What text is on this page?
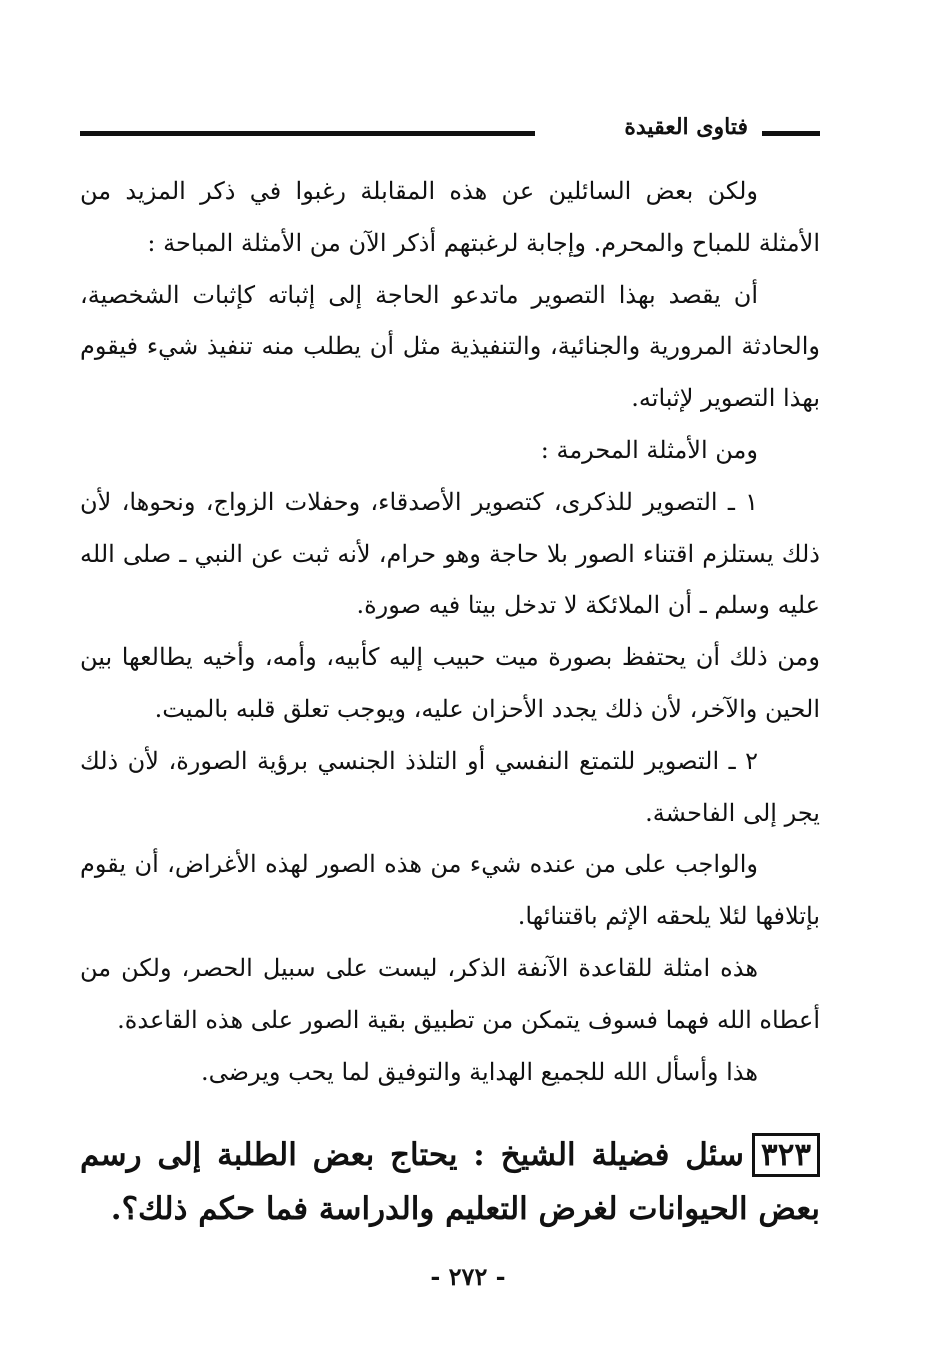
فتاوى العقيدة

ولكن بعض السائلين عن هذه المقابلة رغبوا في ذكر المزيد من الأمثلة للمباح والمحرم. وإجابة لرغبتهم أذكر الآن من الأمثلة المباحة :

أن يقصد بهذا التصوير ماتدعو الحاجة إلى إثباته كإثبات الشخصية، والحادثة المرورية والجنائية، والتنفيذية مثل أن يطلب منه تنفيذ شيء فيقوم بهذا التصوير لإثباته.

ومن الأمثلة المحرمة :

١ ـ التصوير للذكرى، كتصوير الأصدقاء، وحفلات الزواج، ونحوها، لأن ذلك يستلزم اقتناء الصور بلا حاجة وهو حرام، لأنه ثبت عن النبي ـ صلى الله عليه وسلم ـ أن الملائكة لا تدخل بيتا فيه صورة.

ومن ذلك أن يحتفظ بصورة ميت حبيب إليه كأبيه، وأمه، وأخيه يطالعها بين الحين والآخر، لأن ذلك يجدد الأحزان عليه، ويوجب تعلق قلبه بالميت.

٢ ـ التصوير للتمتع النفسي أو التلذذ الجنسي برؤية الصورة، لأن ذلك يجر إلى الفاحشة.

والواجب على من عنده شيء من هذه الصور لهذه الأغراض، أن يقوم بإتلافها لئلا يلحقه الإثم باقتنائها.

هذه امثلة للقاعدة الآنفة الذكر، ليست على سبيل الحصر، ولكن من أعطاه الله فهما فسوف يتمكن من تطبيق بقية الصور على هذه القاعدة.

هذا وأسأل الله للجميع الهداية والتوفيق لما يحب ويرضى.

٣٢٣سئل فضيلة الشيخ : يحتاج بعض الطلبة إلى رسم بعض الحيوانات لغرض التعليم والدراسة فما حكم ذلك؟.
- ٢٧٢ -
